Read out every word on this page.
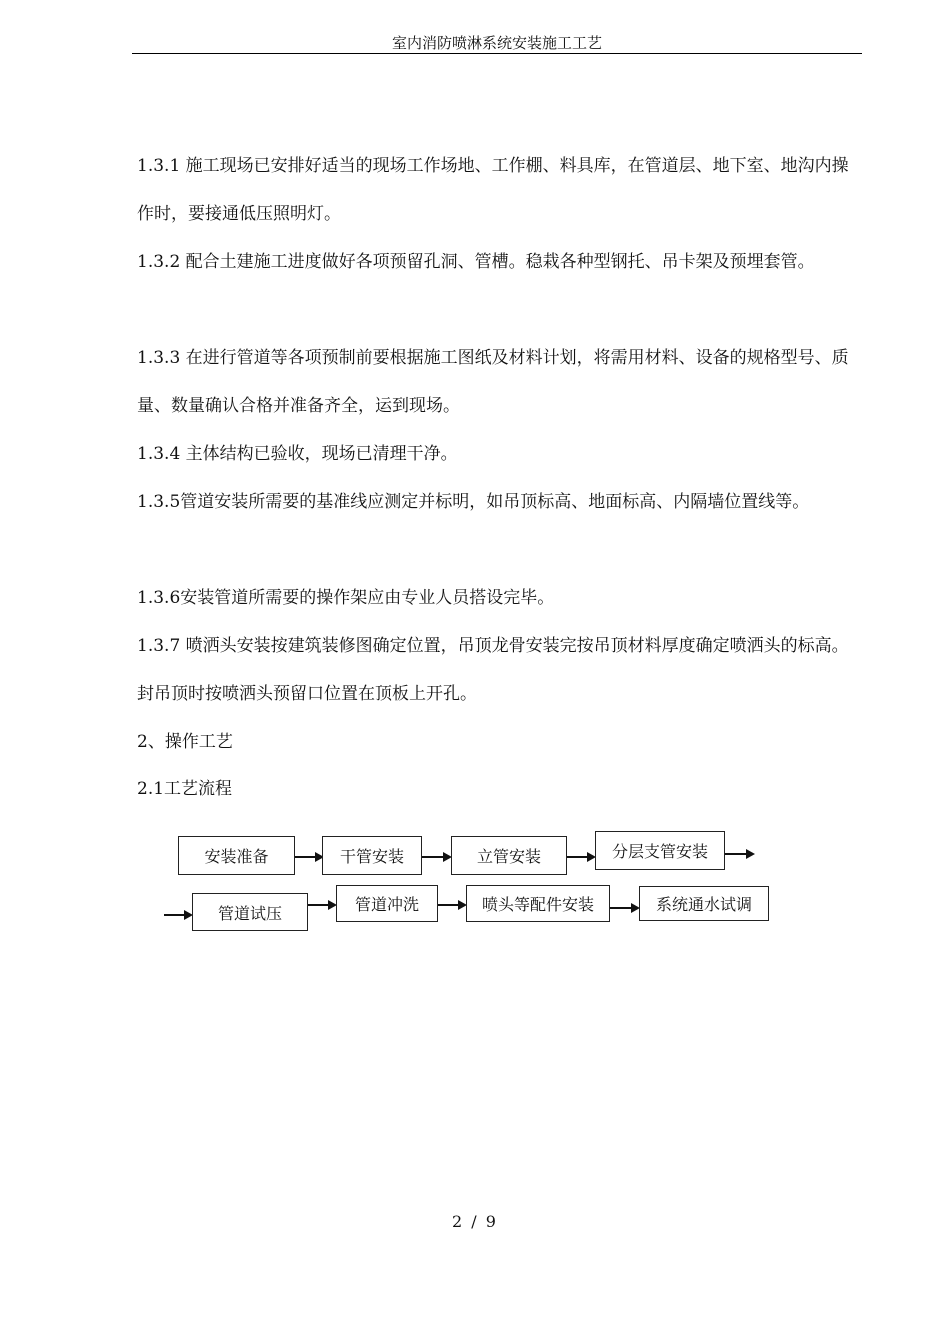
室内消防喷淋系统安装施工工艺

1.3.1 施工现场已安排好适当的现场工作场地、工作棚、料具库，在管道层、地下室、地沟内操作时，要接通低压照明灯。

1.3.2 配合土建施工进度做好各项预留孔洞、管槽。稳栽各种型钢托、吊卡架及预埋套管。

1.3.3 在进行管道等各项预制前要根据施工图纸及材料计划，将需用材料、设备的规格型号、质量、数量确认合格并准备齐全，运到现场。

1.3.4 主体结构已验收，现场已清理干净。

1.3.5管道安装所需要的基准线应测定并标明，如吊顶标高、地面标高、内隔墙位置线等。

1.3.6安装管道所需要的操作架应由专业人员搭设完毕。

1.3.7 喷洒头安装按建筑装修图确定位置，吊顶龙骨安装完按吊顶材料厚度确定喷洒头的标高。封吊顶时按喷洒头预留口位置在顶板上开孔。

2、操作工艺
2.1工艺流程
安装准备	干管安装	立管安装	分层支管安装
管道试压	管道冲洗	喷头等配件安装	系统通水试调
2 / 9
